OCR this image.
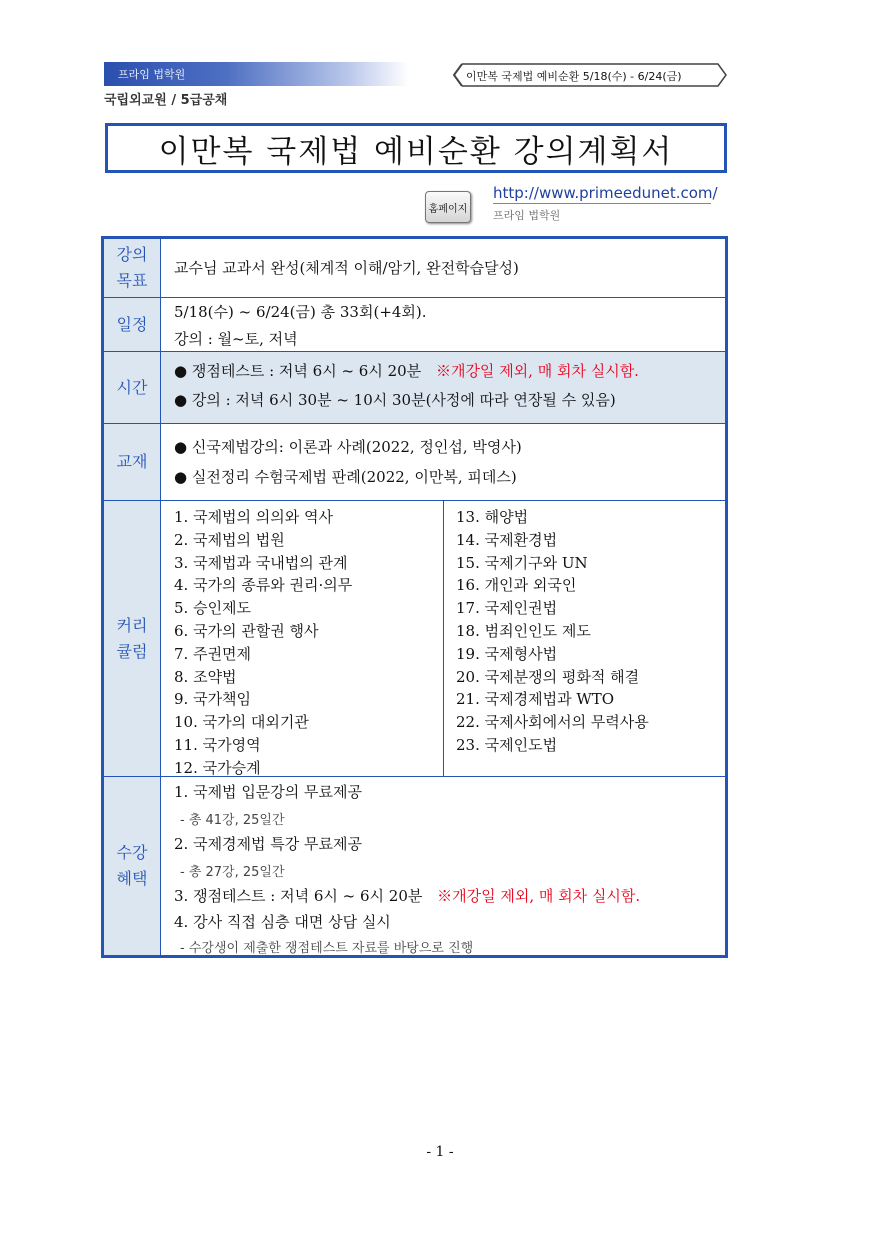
프라임 법학원
국립외교원 / 5급공채
이만복 국제법 예비순환 5/18(수) - 6/24(금)
이만복 국제법 예비순환 강의계획서
홈페이지
http://www.primeedunet.com/
프라임 법학원
강의
목표
교수님 교과서 완성(체계적 이해/암기, 완전학습달성)
일정
5/18(수) ~ 6/24(금) 총 33회(+4회).
강의 : 월~토, 저녁
시간
● 쟁점테스트 : 저녁 6시 ~ 6시 20분 ※개강일 제외, 매 회차 실시함.
● 강의 : 저녁 6시 30분 ~ 10시 30분(사정에 따라 연장될 수 있음)
교재
● 신국제법강의: 이론과 사례(2022, 정인섭, 박영사)
● 실전정리 수험국제법 판례(2022, 이만복, 피데스)
커리
큘럼
1. 국제법의 의의와 역사
2. 국제법의 법원
3. 국제법과 국내법의 관계
4. 국가의 종류와 권리·의무
5. 승인제도
6. 국가의 관할권 행사
7. 주권면제
8. 조약법
9. 국가책임
10. 국가의 대외기관
11. 국가영역
12. 국가승계
13. 해양법
14. 국제환경법
15. 국제기구와 UN
16. 개인과 외국인
17. 국제인권법
18. 범죄인인도 제도
19. 국제형사법
20. 국제분쟁의 평화적 해결
21. 국제경제법과 WTO
22. 국제사회에서의 무력사용
23. 국제인도법
수강
혜택
1. 국제법 입문강의 무료제공
- 총 41강, 25일간
2. 국제경제법 특강 무료제공
- 총 27강, 25일간
3. 쟁점테스트 : 저녁 6시 ~ 6시 20분 ※개강일 제외, 매 회차 실시함.
4. 강사 직접 심층 대면 상담 실시
- 수강생이 제출한 쟁점테스트 자료를 바탕으로 진행
- 1 -
